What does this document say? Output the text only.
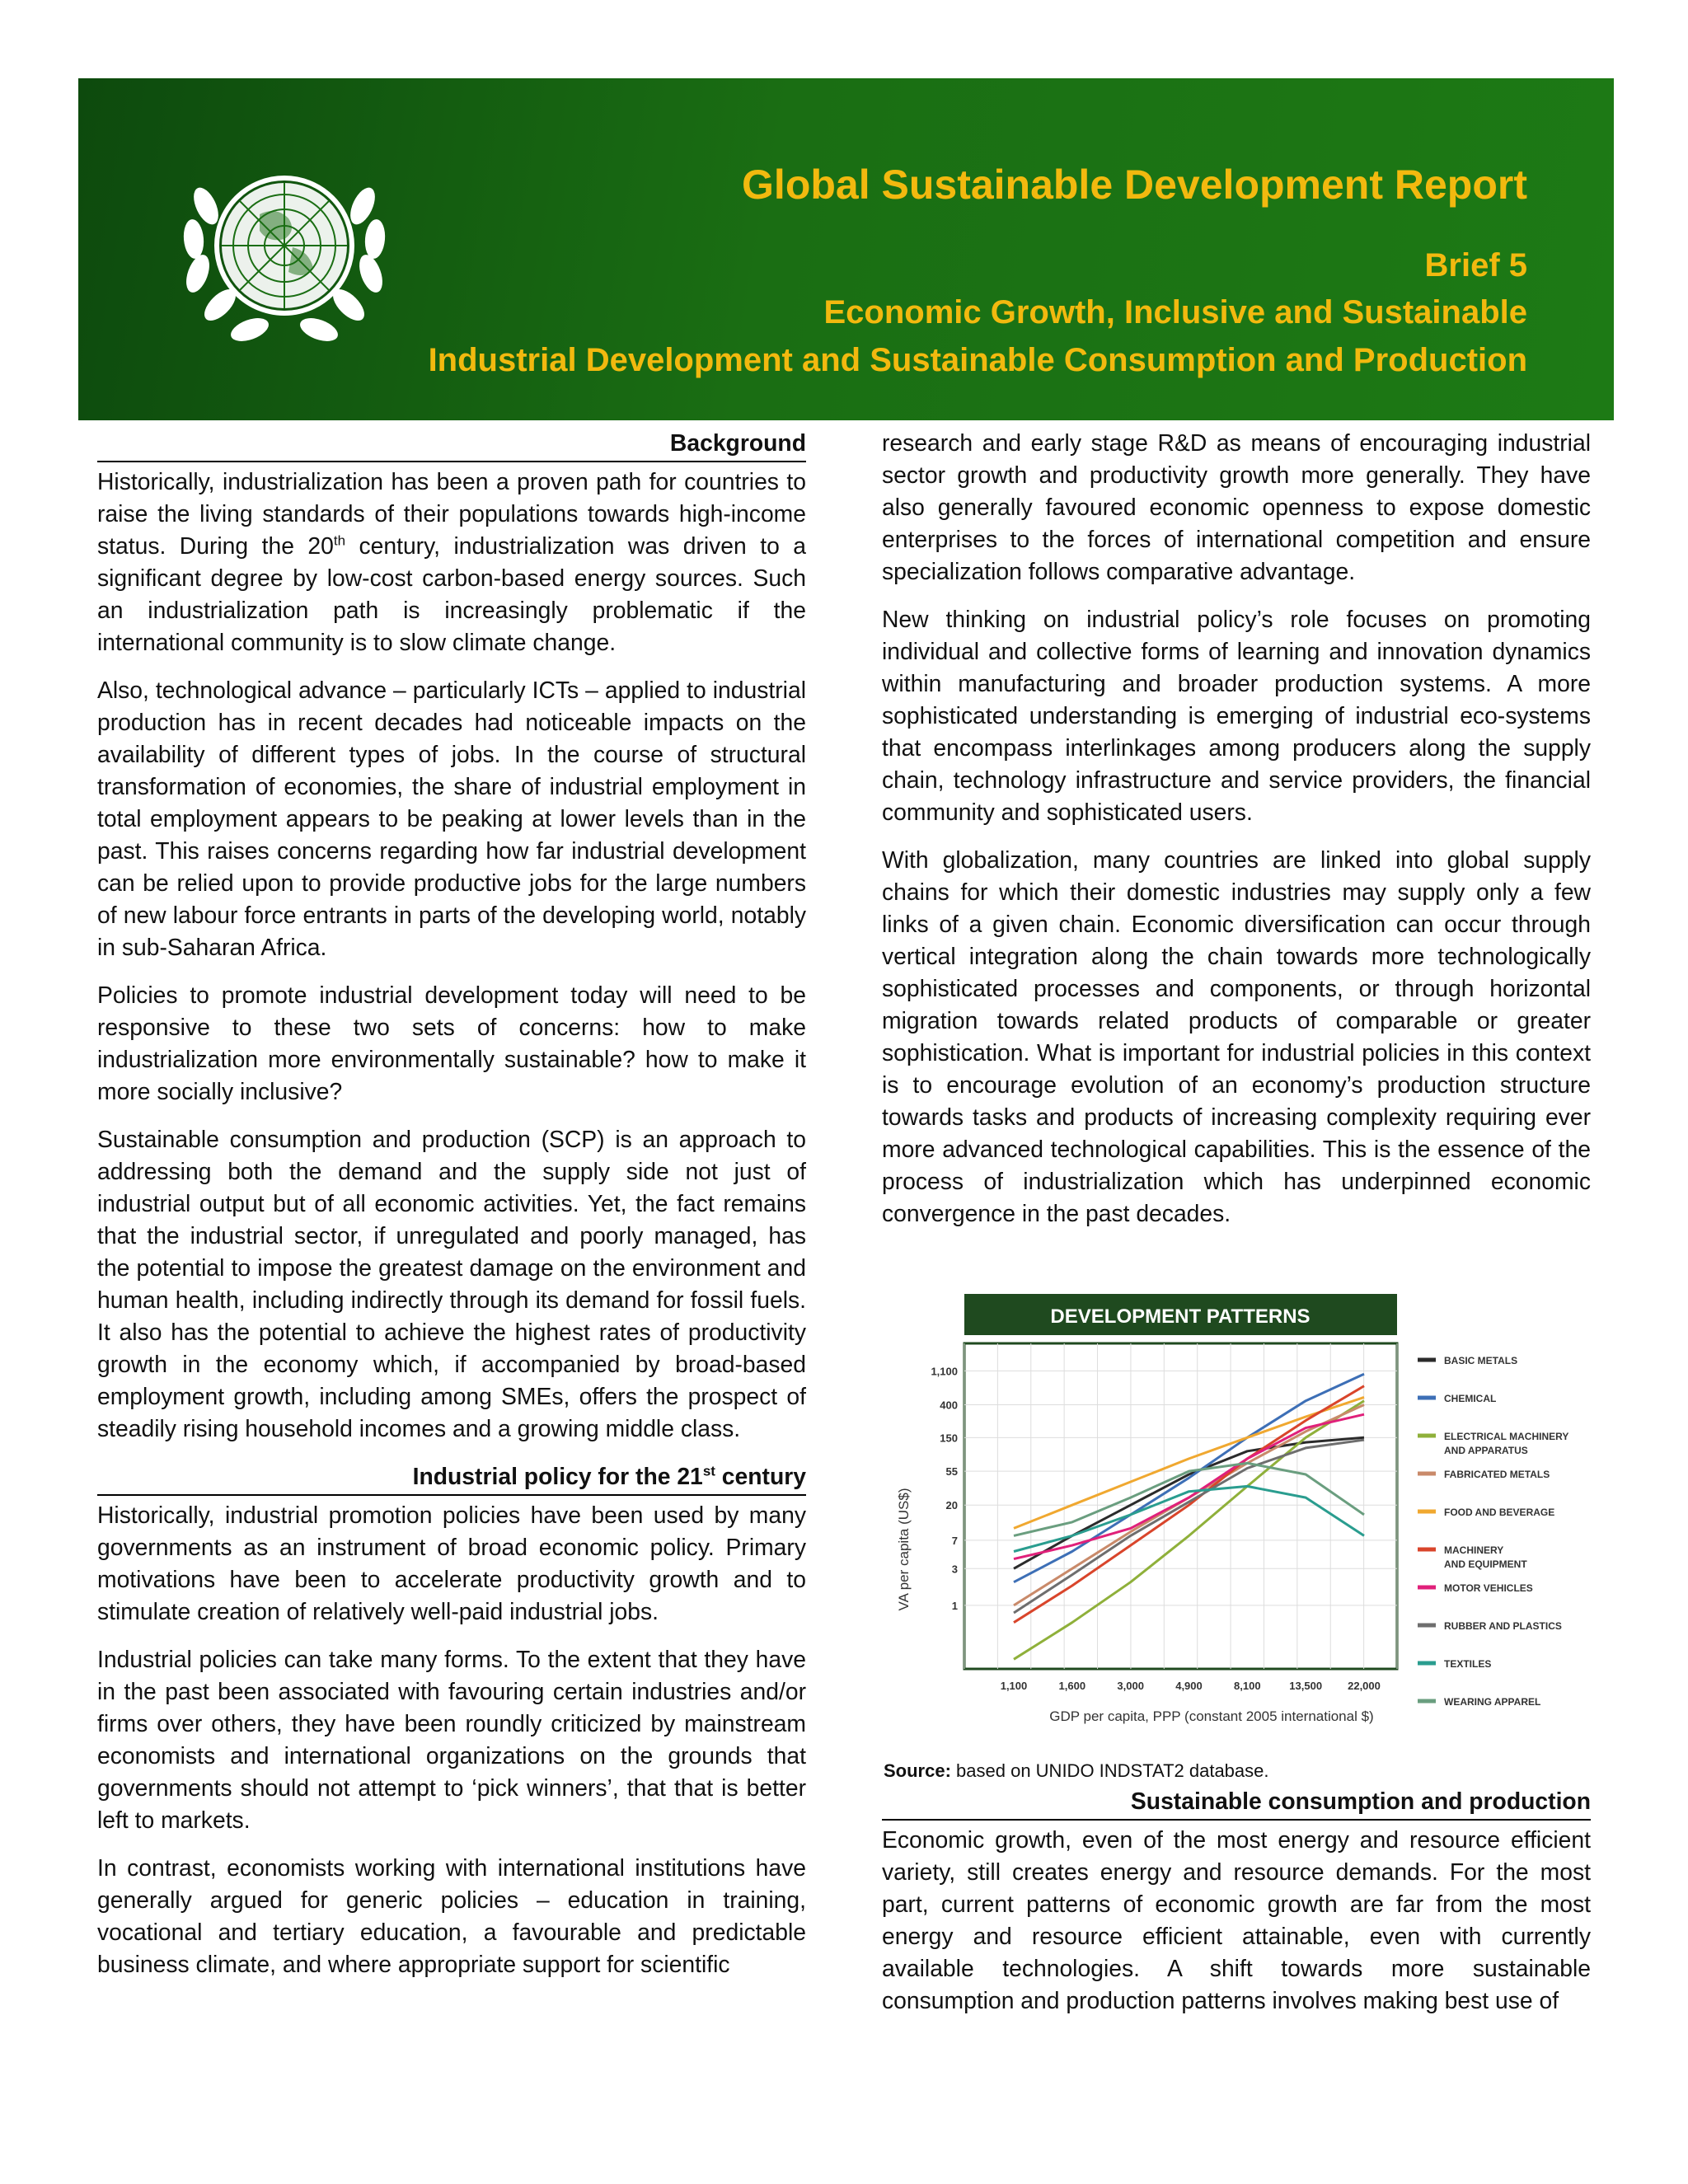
Global Sustainable Development Report
Brief 5
Economic Growth, Inclusive and Sustainable
Industrial Development and Sustainable Consumption and Production
Background

Historically, industrialization has been a proven path for countries to raise the living standards of their populations towards high-income status. During the 20th century, industrialization was driven to a significant degree by low-cost carbon-based energy sources. Such an industrialization path is increasingly problematic if the international community is to slow climate change.

Also, technological advance – particularly ICTs – applied to industrial production has in recent decades had noticeable impacts on the availability of different types of jobs. In the course of structural transformation of economies, the share of industrial employment in total employment appears to be peaking at lower levels than in the past. This raises concerns regarding how far industrial development can be relied upon to provide productive jobs for the large numbers of new labour force entrants in parts of the developing world, notably in sub-Saharan Africa.

Policies to promote industrial development today will need to be responsive to these two sets of concerns: how to make industrialization more environmentally sustainable? how to make it more socially inclusive?

Sustainable consumption and production (SCP) is an approach to addressing both the demand and the supply side not just of industrial output but of all economic activities. Yet, the fact remains that the industrial sector, if unregulated and poorly managed, has the potential to impose the greatest damage on the environment and human health, including indirectly through its demand for fossil fuels. It also has the potential to achieve the highest rates of productivity growth in the economy which, if accompanied by broad-based employment growth, including among SMEs, offers the prospect of steadily rising household incomes and a growing middle class.

Industrial policy for the 21st century

Historically, industrial promotion policies have been used by many governments as an instrument of broad economic policy. Primary motivations have been to accelerate productivity growth and to stimulate creation of relatively well-paid industrial jobs.

Industrial policies can take many forms. To the extent that they have in the past been associated with favouring certain industries and/or firms over others, they have been roundly criticized by mainstream economists and international organizations on the grounds that governments should not attempt to ‘pick winners’, that that is better left to markets.

In contrast, economists working with international institutions have generally argued for generic policies – education in training, vocational and tertiary education, a favourable and predictable business climate, and where appropriate support for scientific

research and early stage R&D as means of encouraging industrial sector growth and productivity growth more generally. They have also generally favoured economic openness to expose domestic enterprises to the forces of international competition and ensure specialization follows comparative advantage.

New thinking on industrial policy’s role focuses on promoting individual and collective forms of learning and innovation dynamics within manufacturing and broader production systems. A more sophisticated understanding is emerging of industrial eco-systems that encompass interlinkages among producers along the supply chain, technology infrastructure and service providers, the financial community and sophisticated users.

With globalization, many countries are linked into global supply chains for which their domestic industries may supply only a few links of a given chain. Economic diversification can occur through vertical integration along the chain towards more technologically sophisticated processes and components, or through horizontal migration towards related products of comparable or greater sophistication. What is important for industrial policies in this context is to encourage evolution of an economy’s production structure towards tasks and products of increasing complexity requiring ever more advanced technological capabilities. This is the essence of the process of industrialization which has underpinned economic convergence in the past decades.

DEVELOPMENT PATTERNS
1,100
400
150
55
20
7
3
1
1,100	1,600	3,000	4,900	8,100	13,500 22,000
GDP per capita, PPP (constant 2005 international $)
VA per capita (US$)
BASIC METALS
CHEMICAL
ELECTRICAL MACHINERY AND APPARATUS
FABRICATED METALS
FOOD AND BEVERAGE
MACHINERY AND EQUIPMENT
MOTOR VEHICLES
RUBBER AND PLASTICS
TEXTILES
WEARING APPAREL
Source: based on UNIDO INDSTAT2 database.
Sustainable consumption and production

Economic growth, even of the most energy and resource efficient variety, still creates energy and resource demands. For the most part, current patterns of economic growth are far from the most energy and resource efficient attainable, even with currently available technologies. A shift towards more sustainable consumption and production patterns involves making best use of
